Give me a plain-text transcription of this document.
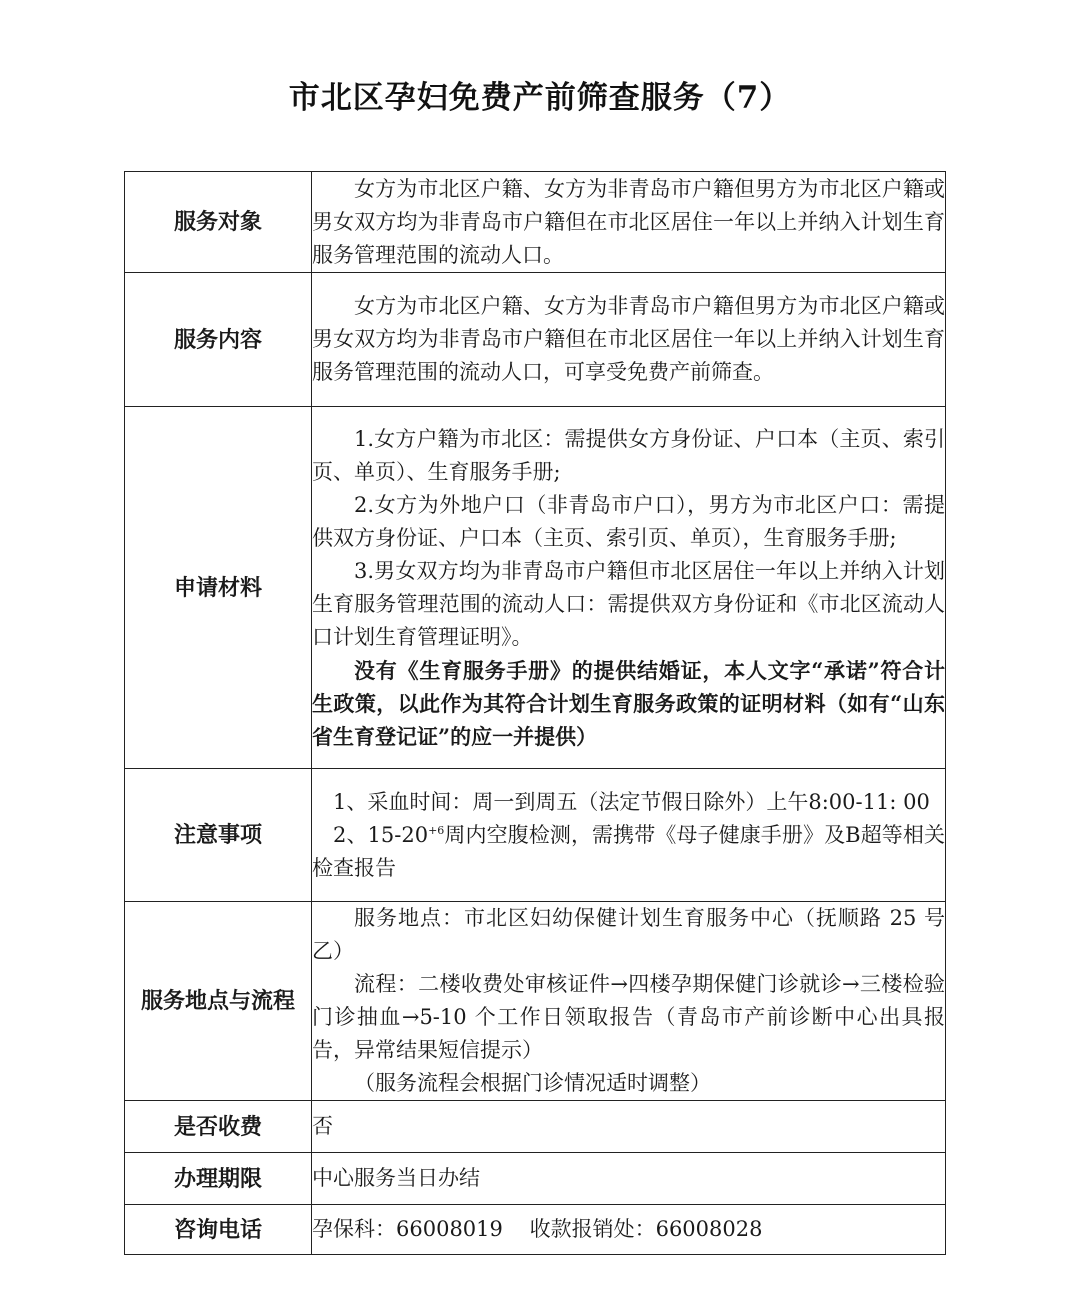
市北区孕妇免费产前筛查服务（7）
服务对象	女方为市北区户籍、女方为非青岛市户籍但男方为市北区户籍或男女双方均为非青岛市户籍但在市北区居住一年以上并纳入计划生育服务管理范围的流动人口。

服务内容	女方为市北区户籍、女方为非青岛市户籍但男方为市北区户籍或男女双方均为非青岛市户籍但在市北区居住一年以上并纳入计划生育服务管理范围的流动人口，可享受免费产前筛查。

申请材料	1.女方户籍为市北区：需提供女方身份证、户口本（主页、索引页、单页）、生育服务手册;
2.女方为外地户口（非青岛市户口），男方为市北区户口：需提供双方身份证、户口本（主页、索引页、单页），生育服务手册;
3.男女双方均为非青岛市户籍但市北区居住一年以上并纳入计划生育服务管理范围的流动人口：需提供双方身份证和《市北区流动人口计划生育管理证明》。
没有《生育服务手册》的提供结婚证，本人文字“承诺”符合计生政策，以此作为其符合计划生育服务政策的证明材料（如有“山东省生育登记证”的应一并提供）

注意事项	1、采血时间：周一到周五（法定节假日除外）上午8:00-11: 00
2、$15-20^{+6}$周内空腹检测，需携带《母子健康手册》及B超等相关检查报告

服务地点与流程	服务地点：市北区妇幼保健计划生育服务中心（抚顺路 25 号乙）
流程：二楼收费处审核证件→四楼孕期保健门诊就诊→三楼检验门诊抽血→5-10 个工作日领取报告（青岛市产前诊断中心出具报告，异常结果短信提示）
（服务流程会根据门诊情况适时调整）

是否收费	否
办理期限	中心服务当日办结
咨询电话	孕保科：66008019    收款报销处：66008028
